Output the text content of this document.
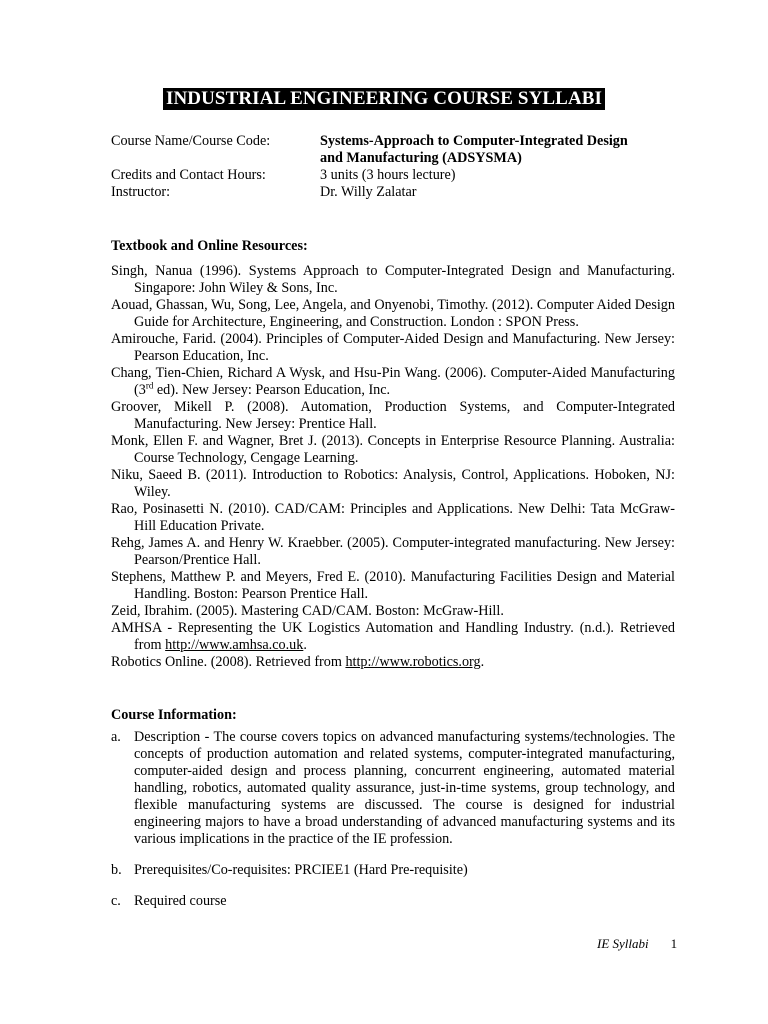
INDUSTRIAL ENGINEERING COURSE SYLLABI
Course Name/Course Code:	Systems-Approach to Computer-Integrated Design
and Manufacturing (ADSYSMA)
Credits and Contact Hours:	3 units (3 hours lecture)
Instructor:	Dr. Willy Zalatar
Textbook and Online Resources:

Singh, Nanua (1996). Systems Approach to Computer-Integrated Design and Manufacturing. Singapore: John Wiley & Sons, Inc.

Aouad, Ghassan, Wu, Song, Lee, Angela, and Onyenobi, Timothy. (2012). Computer Aided Design Guide for Architecture, Engineering, and Construction. London : SPON Press.

Amirouche, Farid. (2004). Principles of Computer-Aided Design and Manufacturing. New Jersey: Pearson Education, Inc.

Chang, Tien-Chien, Richard A Wysk, and Hsu-Pin Wang. (2006). Computer-Aided Manufacturing (3rd ed). New Jersey: Pearson Education, Inc.

Groover, Mikell P. (2008). Automation, Production Systems, and Computer-Integrated Manufacturing. New Jersey: Prentice Hall.

Monk, Ellen F. and Wagner, Bret J. (2013). Concepts in Enterprise Resource Planning. Australia: Course Technology, Cengage Learning.

Niku, Saeed B. (2011). Introduction to Robotics: Analysis, Control, Applications. Hoboken, NJ: Wiley.

Rao, Posinasetti N. (2010). CAD/CAM: Principles and Applications. New Delhi: Tata McGraw-Hill Education Private.

Rehg, James A. and Henry W. Kraebber. (2005). Computer-integrated manufacturing. New Jersey: Pearson/Prentice Hall.

Stephens, Matthew P. and Meyers, Fred E. (2010). Manufacturing Facilities Design and Material Handling. Boston: Pearson Prentice Hall.

Zeid, Ibrahim. (2005). Mastering CAD/CAM. Boston: McGraw-Hill.

AMHSA - Representing the UK Logistics Automation and Handling Industry. (n.d.). Retrieved from http://www.amhsa.co.uk.

Robotics Online. (2008). Retrieved from http://www.robotics.org.

Course Information:
a. Description - The course covers topics on advanced manufacturing systems/technologies. The concepts of production automation and related systems, computer-integrated manufacturing, computer-aided design and process planning, concurrent engineering, automated material handling, robotics, automated quality assurance, just-in-time systems, group technology, and flexible manufacturing systems are discussed. The course is designed for industrial engineering majors to have a broad understanding of advanced manufacturing systems and its various implications in the practice of the IE profession.
b. Prerequisites/Co-requisites: PRCIEE1 (Hard Pre-requisite)
c. Required course
IE Syllabi 1
